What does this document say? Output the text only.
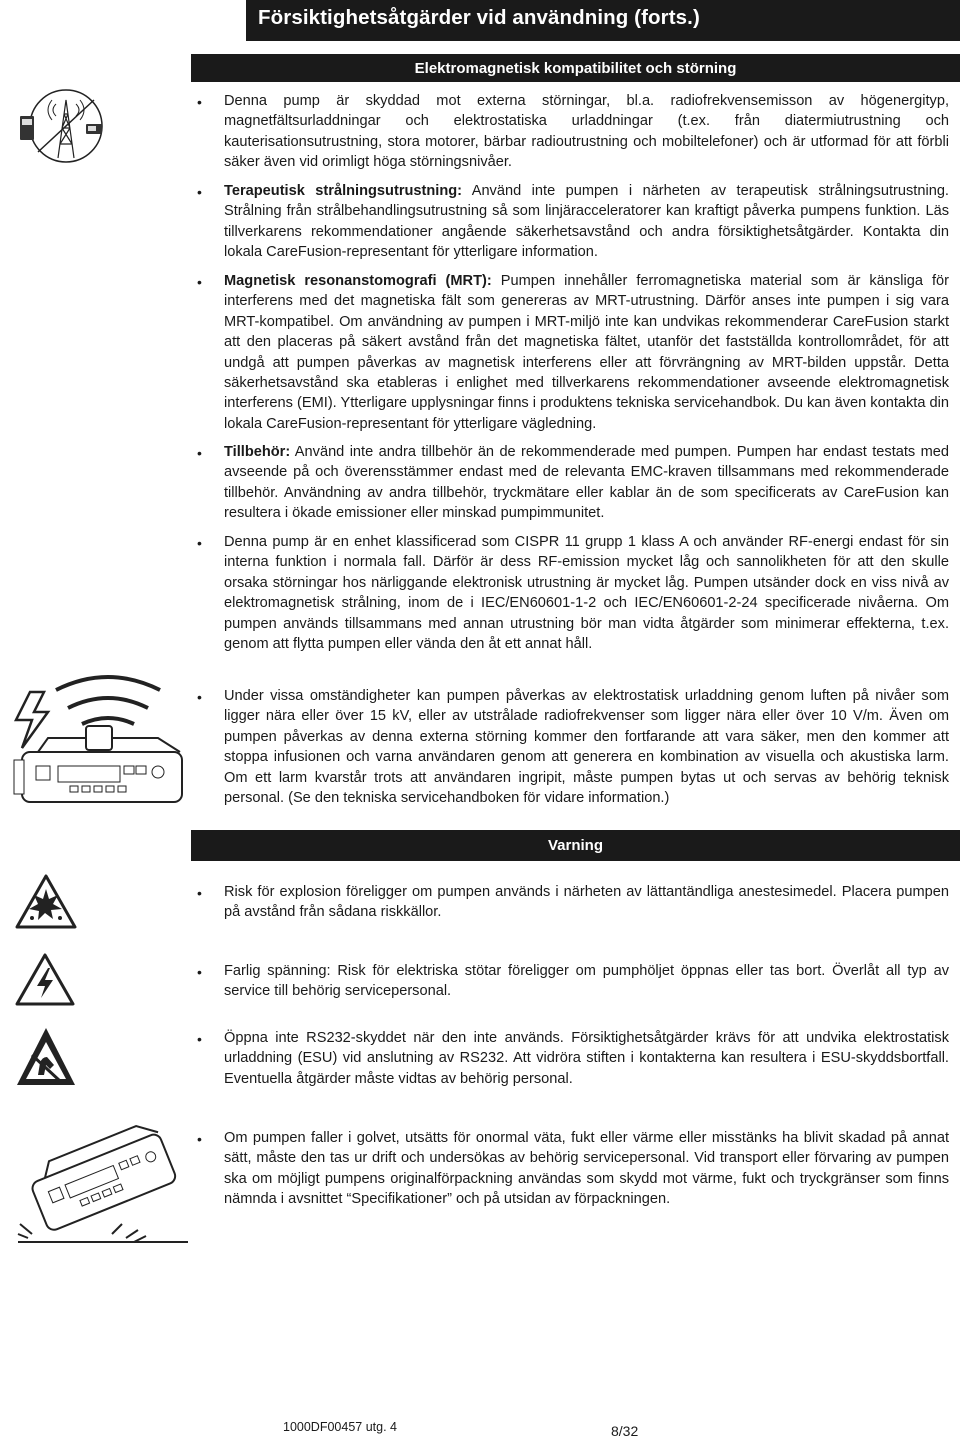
Försiktighetsåtgärder vid användning (forts.)
Elektromagnetisk kompatibilitet och störning
• Denna pump är skyddad mot externa störningar, bl.a. radiofrekvensemisson av högenergityp, magnetfältsurladdningar och elektrostatiska urladdningar (t.ex. från diatermiutrustning och kauterisationsutrustning, stora motorer, bärbar radioutrustning och mobiltelefoner) och är utformad för att förbli säker även vid orimligt höga störningsnivåer.

• Terapeutisk strålningsutrustning: Använd inte pumpen i närheten av terapeutisk strålningsutrustning. Strålning från strålbehandlingsutrustning så som linjäracceleratorer kan kraftigt påverka pumpens funktion. Läs tillverkarens rekommendationer angående säkerhetsavstånd och andra försiktighetsåtgärder. Kontakta din lokala CareFusion-representant för ytterligare information.

• Magnetisk resonanstomografi (MRT): Pumpen innehåller ferromagnetiska material som är känsliga för interferens med det magnetiska fält som genereras av MRT-utrustning. Därför anses inte pumpen i sig vara MRT-kompatibel. Om användning av pumpen i MRT-miljö inte kan undvikas rekommenderar CareFusion starkt att den placeras på säkert avstånd från det magnetiska fältet, utanför det fastställda kontrollområdet, för att undgå att pumpen påverkas av magnetisk interferens eller att förvrängning av MRT-bilden uppstår. Detta säkerhetsavstånd ska etableras i enlighet med tillverkarens rekommendationer avseende elektromagnetisk interferens (EMI). Ytterligare upplysningar finns i produktens tekniska servicehandbok. Du kan även kontakta din lokala CareFusion-representant för ytterligare vägledning.

• Tillbehör: Använd inte andra tillbehör än de rekommenderade med pumpen. Pumpen har endast testats med avseende på och överensstämmer endast med de relevanta EMC-kraven tillsammans med rekommenderade tillbehör. Användning av andra tillbehör, tryckmätare eller kablar än de som specificerats av CareFusion kan resultera i ökade emissioner eller minskad pumpimmunitet.

• Denna pump är en enhet klassificerad som CISPR 11 grupp 1 klass A och använder RF-energi endast för sin interna funktion i normala fall. Därför är dess RF-emission mycket låg och sannolikheten för att den skulle orsaka störningar hos närliggande elektronisk utrustning är mycket låg. Pumpen utsänder dock en viss nivå av elektromagnetisk strålning, inom de i IEC/EN60601-1-2 och IEC/EN60601-2-24 specificerade nivåerna. Om pumpen används tillsammans med annan utrustning bör man vidta åtgärder som minimerar effekterna, t.ex. genom att flytta pumpen eller vända den åt ett annat håll.

• Under vissa omständigheter kan pumpen påverkas av elektrostatisk urladdning genom luften på nivåer som ligger nära eller över 15 kV, eller av utstrålade radiofrekvenser som ligger nära eller över 10 V/m. Även om pumpen påverkas av denna externa störning kommer den fortfarande att vara säker, men den kommer att stoppa infusionen och varna användaren genom att generera en kombination av visuella och akustiska larm. Om ett larm kvarstår trots att användaren ingripit, måste pumpen bytas ut och servas av behörig teknisk personal. (Se den tekniska servicehandboken för vidare information.)

Varning
• Risk för explosion föreligger om pumpen används i närheten av lättantändliga anestesimedel. Placera pumpen på avstånd från sådana riskkällor.

• Farlig spänning: Risk för elektriska stötar föreligger om pumphöljet öppnas eller tas bort. Överlåt all typ av service till behörig servicepersonal.

• Öppna inte RS232-skyddet när den inte används. Försiktighetsåtgärder krävs för att undvika elektrostatisk urladdning (ESU) vid anslutning av RS232. Att vidröra stiften i kontakterna kan resultera i ESU-skyddsbortfall. Eventuella åtgärder måste vidtas av behörig personal.

• Om pumpen faller i golvet, utsätts för onormal väta, fukt eller värme eller misstänks ha blivit skadad på annat sätt, måste den tas ur drift och undersökas av behörig servicepersonal. Vid transport eller förvaring av pumpen ska om möjligt pumpens originalförpackning användas som skydd mot värme, fukt och tryckgränser som finns nämnda i avsnittet “Specifikationer” och på utsidan av förpackningen.

1000DF00457 utg. 4	8/32
